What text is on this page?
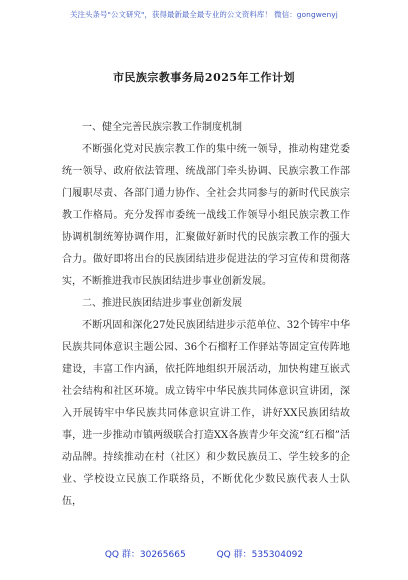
关注头条号"公文研究"，获得最新最全最专业的公文资料库！ 微信：gongwenyj
市民族宗教事务局2025年工作计划

一、健全完善民族宗教工作制度机制

不断强化党对民族宗教工作的集中统一领导，推动构建党委统一领导、政府依法管理、统战部门牵头协调、民族宗教工作部门履职尽责、各部门通力协作、全社会共同参与的新时代民族宗教工作格局。充分发挥市委统一战线工作领导小组民族宗教工作协调机制统筹协调作用，汇聚做好新时代的民族宗教工作的强大合力。做好即将出台的民族团结进步促进法的学习宣传和贯彻落实，不断推进我市民族团结进步事业创新发展。

二、推进民族团结进步事业创新发展

不断巩固和深化27处民族团结进步示范单位、32个铸牢中华民族共同体意识主题公园、36个石榴籽工作驿站等固定宣传阵地建设，丰富工作内涵，依托阵地组织开展活动，加快构建互嵌式社会结构和社区环境。成立铸牢中华民族共同体意识宣讲团，深入开展铸牢中华民族共同体意识宣讲工作，讲好XX民族团结故事，进一步推动市镇两级联合打造XX各族青少年交流“红石榴”活动品牌。持续推动在村（社区）和少数民族员工、学生较多的企业、学校设立民族工作联络员，不断优化少数民族代表人士队伍，

QQ 群：30265665	QQ 群：535304092
